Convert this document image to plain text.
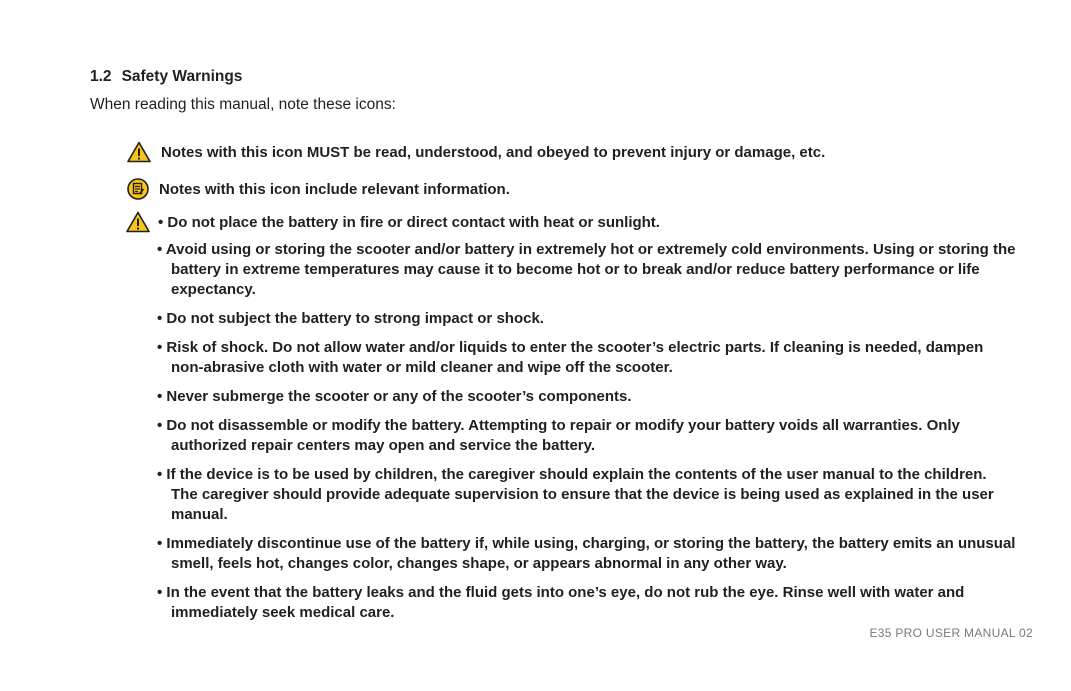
1.2 Safety Warnings

When reading this manual, note these icons:

Notes with this icon MUST be read, understood, and obeyed to prevent injury or damage, etc.
Notes with this icon include relevant information.
• Do not place the battery in fire or direct contact with heat or sunlight.
• Avoid using or storing the scooter and/or battery in extremely hot or extremely cold environments. Using or storing the battery in extreme temperatures may cause it to become hot or to break and/or reduce battery performance or life expectancy.
• Do not subject the battery to strong impact or shock.
• Risk of shock. Do not allow water and/or liquids to enter the scooter’s electric parts. If cleaning is needed, dampen non-abrasive cloth with water or mild cleaner and wipe off the scooter.
• Never submerge the scooter or any of the scooter’s components.
• Do not disassemble or modify the battery. Attempting to repair or modify your battery voids all warranties. Only authorized repair centers may open and service the battery.
• If the device is to be used by children, the caregiver should explain the contents of the user manual to the children. The caregiver should provide adequate supervision to ensure that the device is being used as explained in the user manual.
• Immediately discontinue use of the battery if, while using, charging, or storing the battery, the battery emits an unusual smell, feels hot, changes color, changes shape, or appears abnormal in any other way.
• In the event that the battery leaks and the fluid gets into one’s eye, do not rub the eye. Rinse well with water and immediately seek medical care.
E35 PRO USER MANUAL 02
